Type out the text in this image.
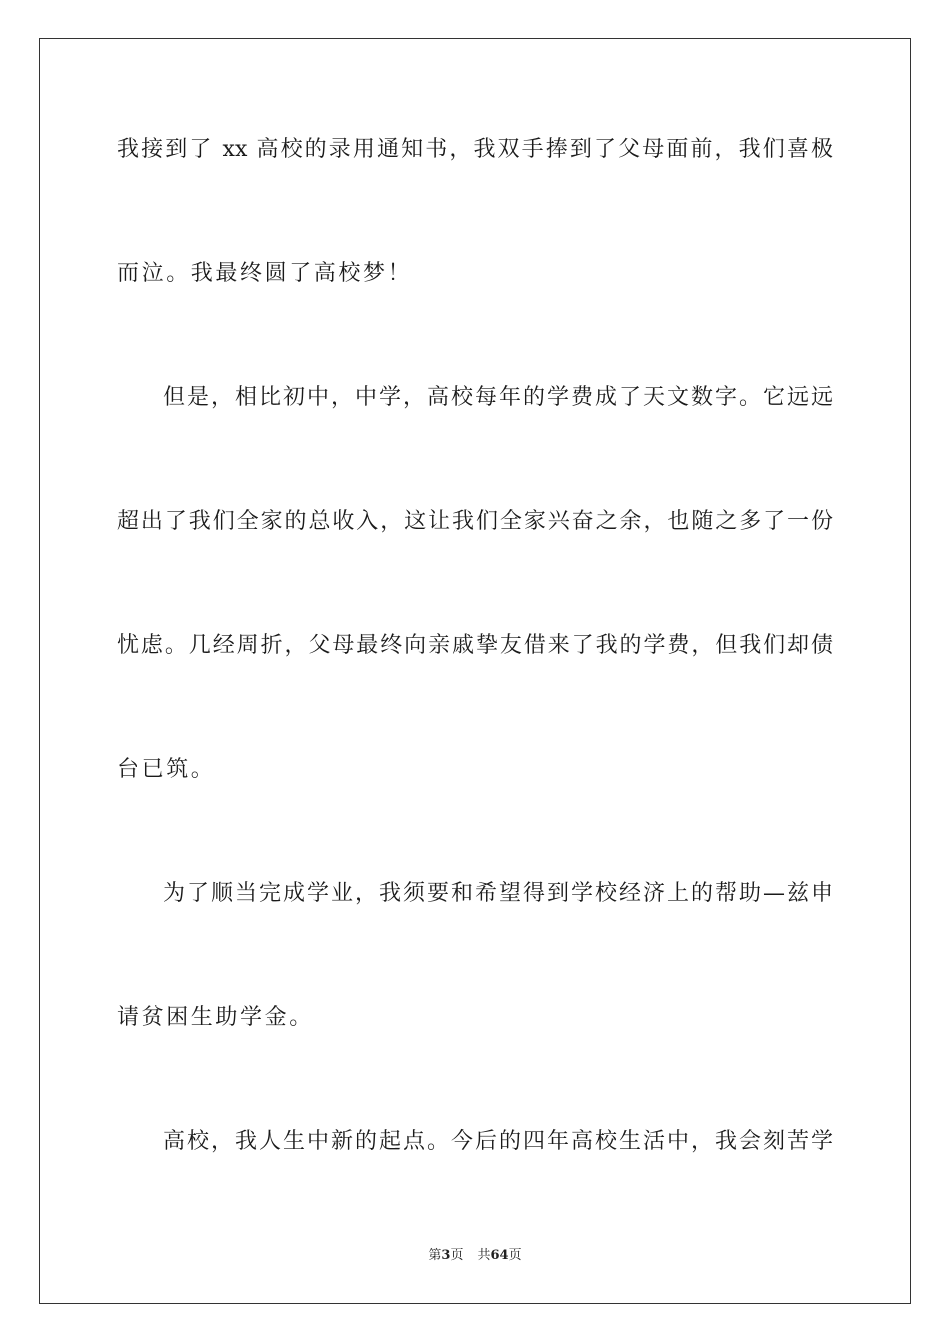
我接到了 xx 高校的录用通知书，我双手捧到了父母面前，我们喜极

而泣。我最终圆了高校梦！

但是，相比初中，中学，高校每年的学费成了天文数字。它远远

超出了我们全家的总收入，这让我们全家兴奋之余，也随之多了一份

忧虑。几经周折，父母最终向亲戚挚友借来了我的学费，但我们却债

台已筑。

为了顺当完成学业，我须要和希望得到学校经济上的帮助—兹申

请贫困生助学金。

高校，我人生中新的起点。今后的四年高校生活中，我会刻苦学

第3页 共64页
